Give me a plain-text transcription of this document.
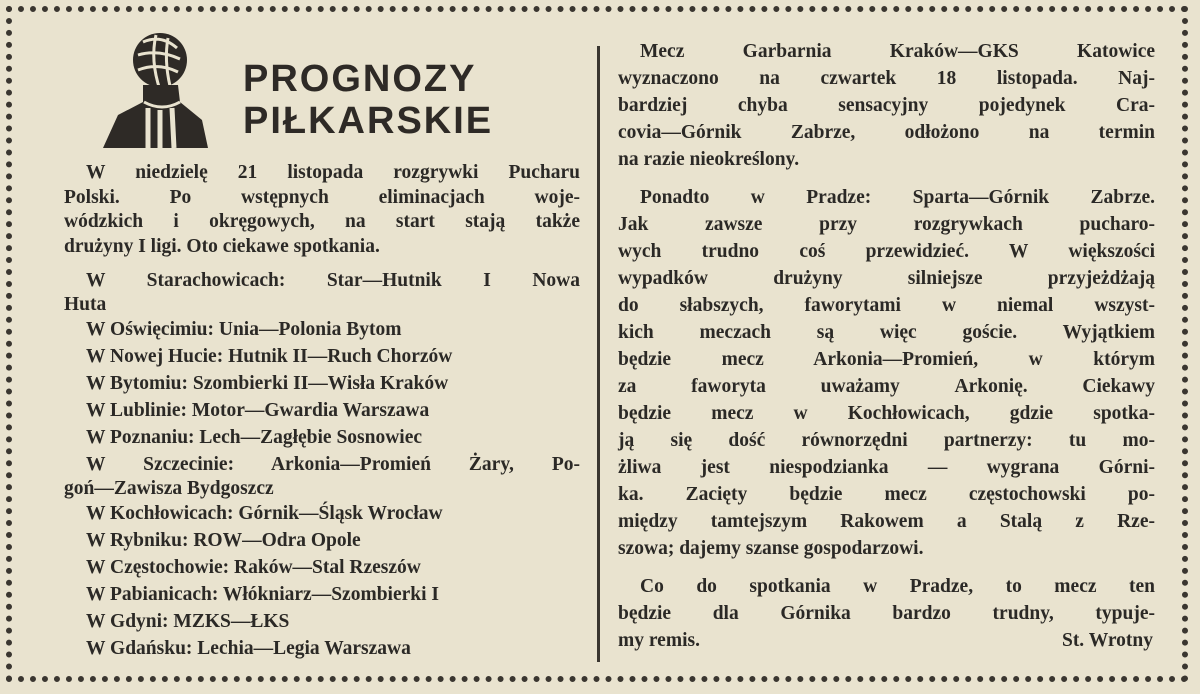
PROGNOZY
PIŁKARSKIE
W niedzielę 21 listopada rozgrywki Pucharu
Polski. Po wstępnych eliminacjach woje-
wódzkich i okręgowych, na start stają także
drużyny I ligi. Oto ciekawe spotkania.
W Starachowicach: Star—Hutnik I Nowa
Huta
W Oświęcimiu: Unia—Polonia Bytom
W Nowej Hucie: Hutnik II—Ruch Chorzów
W Bytomiu: Szombierki II—Wisła Kraków
W Lublinie: Motor—Gwardia Warszawa
W Poznaniu: Lech—Zagłębie Sosnowiec
W Szczecinie: Arkonia—Promień Żary, Po-
goń—Zawisza Bydgoszcz
W Kochłowicach: Górnik—Śląsk Wrocław
W Rybniku: ROW—Odra Opole
W Częstochowie: Raków—Stal Rzeszów
W Pabianicach: Włókniarz—Szombierki I
W Gdyni: MZKS—ŁKS
W Gdańsku: Lechia—Legia Warszawa
Mecz Garbarnia Kraków—GKS Katowice
wyznaczono na czwartek 18 listopada. Naj-
bardziej chyba sensacyjny pojedynek Cra-
covia—Górnik Zabrze, odłożono na termin
na razie nieokreślony.
Ponadto w Pradze: Sparta—Górnik Zabrze.
Jak zawsze przy rozgrywkach pucharo-
wych trudno coś przewidzieć. W większości
wypadków drużyny silniejsze przyjeżdżają
do słabszych, faworytami w niemal wszyst-
kich meczach są więc goście. Wyjątkiem
będzie mecz Arkonia—Promień, w którym
za faworyta uważamy Arkonię. Ciekawy
będzie mecz w Kochłowicach, gdzie spotka-
ją się dość równorzędni partnerzy: tu mo-
żliwa jest niespodzianka — wygrana Górni-
ka. Zacięty będzie mecz częstochowski po-
między tamtejszym Rakowem a Stalą z Rze-
szowa; dajemy szanse gospodarzowi.
Co do spotkania w Pradze, to mecz ten
będzie dla Górnika bardzo trudny, typuje-
my remis.	St. Wrotny
